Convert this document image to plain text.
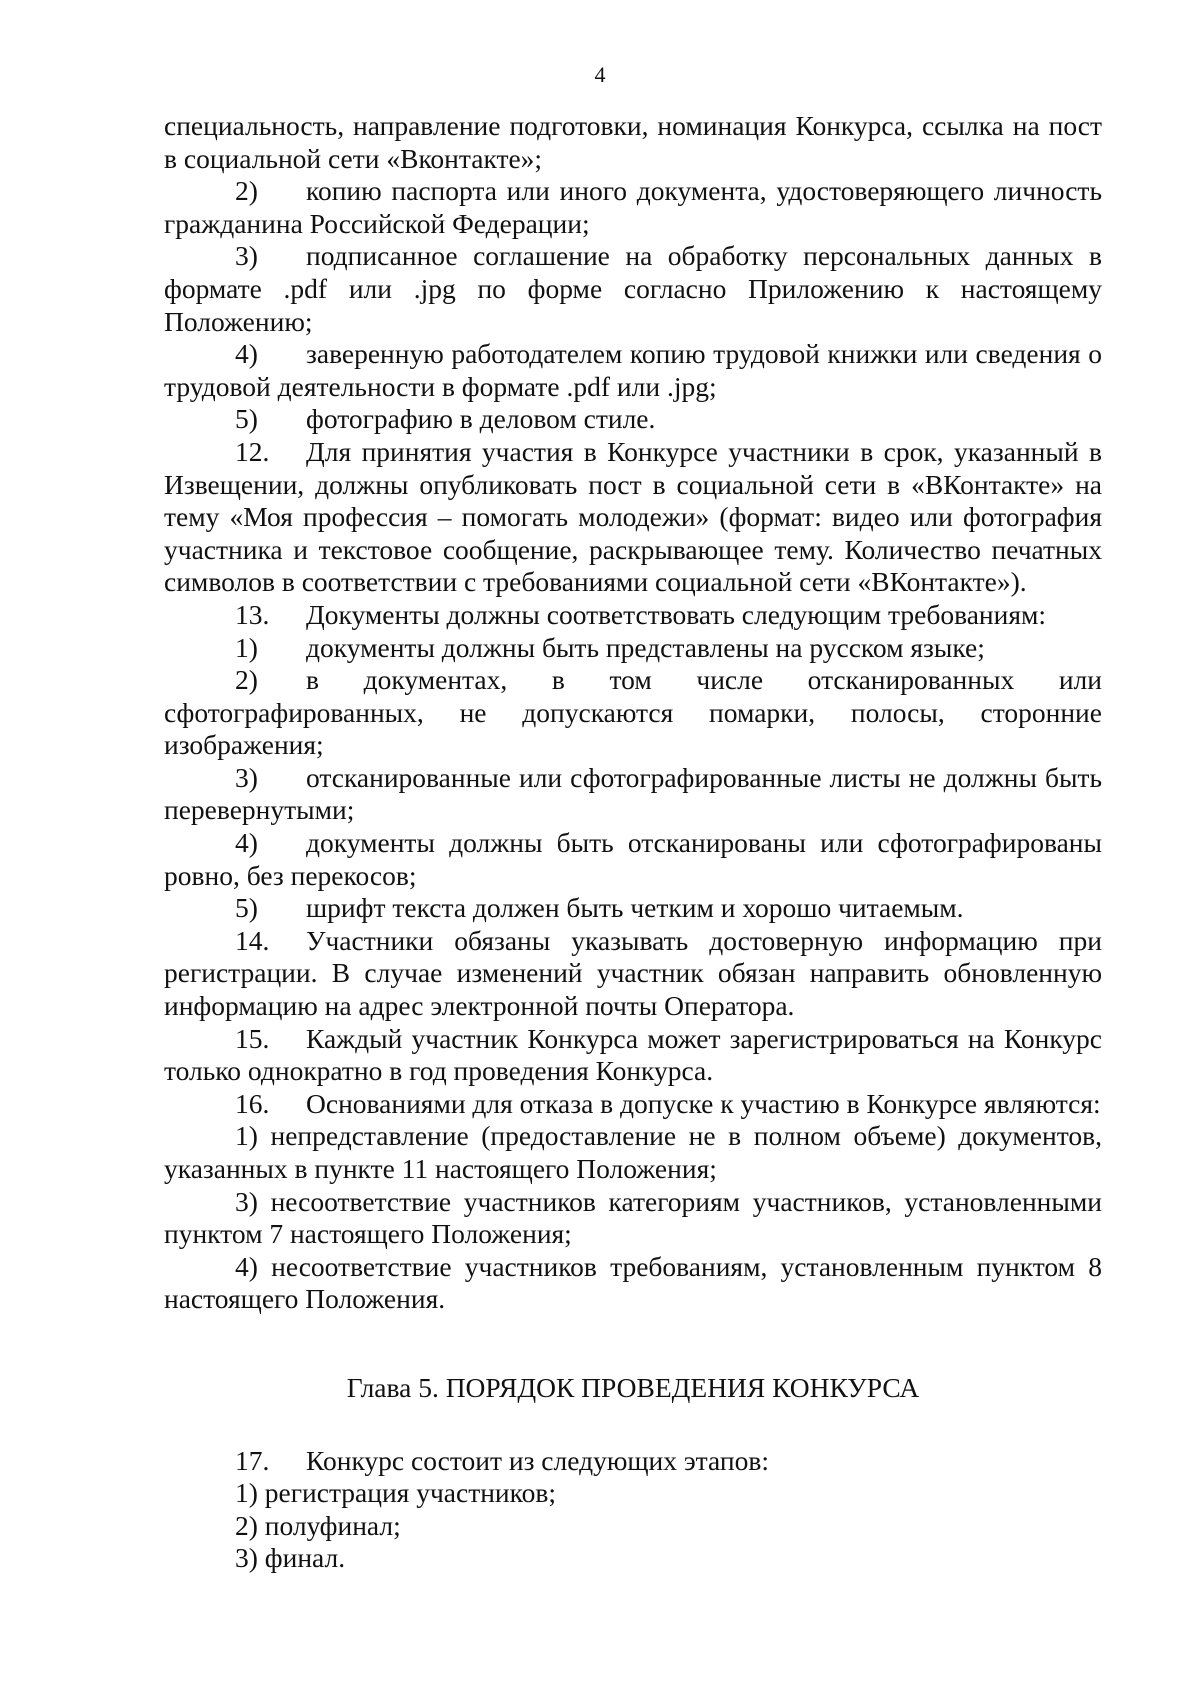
4

специальность, направление подготовки, номинация Конкурса, ссылка на пост в социальной сети «Вконтакте»;

2) копию паспорта или иного документа, удостоверяющего личность гражданина Российской Федерации;

3) подписанное соглашение на обработку персональных данных в формате .pdf или .jpg по форме согласно Приложению к настоящему Положению;

4) заверенную работодателем копию трудовой книжки или сведения о трудовой деятельности в формате .pdf или .jpg;

5) фотографию в деловом стиле.

12. Для принятия участия в Конкурсе участники в срок, указанный в Извещении, должны опубликовать пост в социальной сети в «ВКонтакте» на тему «Моя профессия – помогать молодежи» (формат: видео или фотография участника и текстовое сообщение, раскрывающее тему. Количество печатных символов в соответствии с требованиями социальной сети «ВКонтакте»).

13. Документы должны соответствовать следующим требованиям:

1) документы должны быть представлены на русском языке;

2) в документах, в том числе отсканированных или сфотографированных, не допускаются помарки, полосы, сторонние изображения;

3) отсканированные или сфотографированные листы не должны быть перевернутыми;

4) документы должны быть отсканированы или сфотографированы ровно, без перекосов;

5) шрифт текста должен быть четким и хорошо читаемым.

14. Участники обязаны указывать достоверную информацию при регистрации. В случае изменений участник обязан направить обновленную информацию на адрес электронной почты Оператора.

15. Каждый участник Конкурса может зарегистрироваться на Конкурс только однократно в год проведения Конкурса.

16. Основаниями для отказа в допуске к участию в Конкурсе являются:

1) непредставление (предоставление не в полном объеме) документов, указанных в пункте 11 настоящего Положения;

3) несоответствие участников категориям участников, установленными пунктом 7 настоящего Положения;

4) несоответствие участников требованиям, установленным пунктом 8 настоящего Положения.

Глава 5. ПОРЯДОК ПРОВЕДЕНИЯ КОНКУРСА

17. Конкурс состоит из следующих этапов:

1) регистрация участников;

2) полуфинал;

3) финал.
